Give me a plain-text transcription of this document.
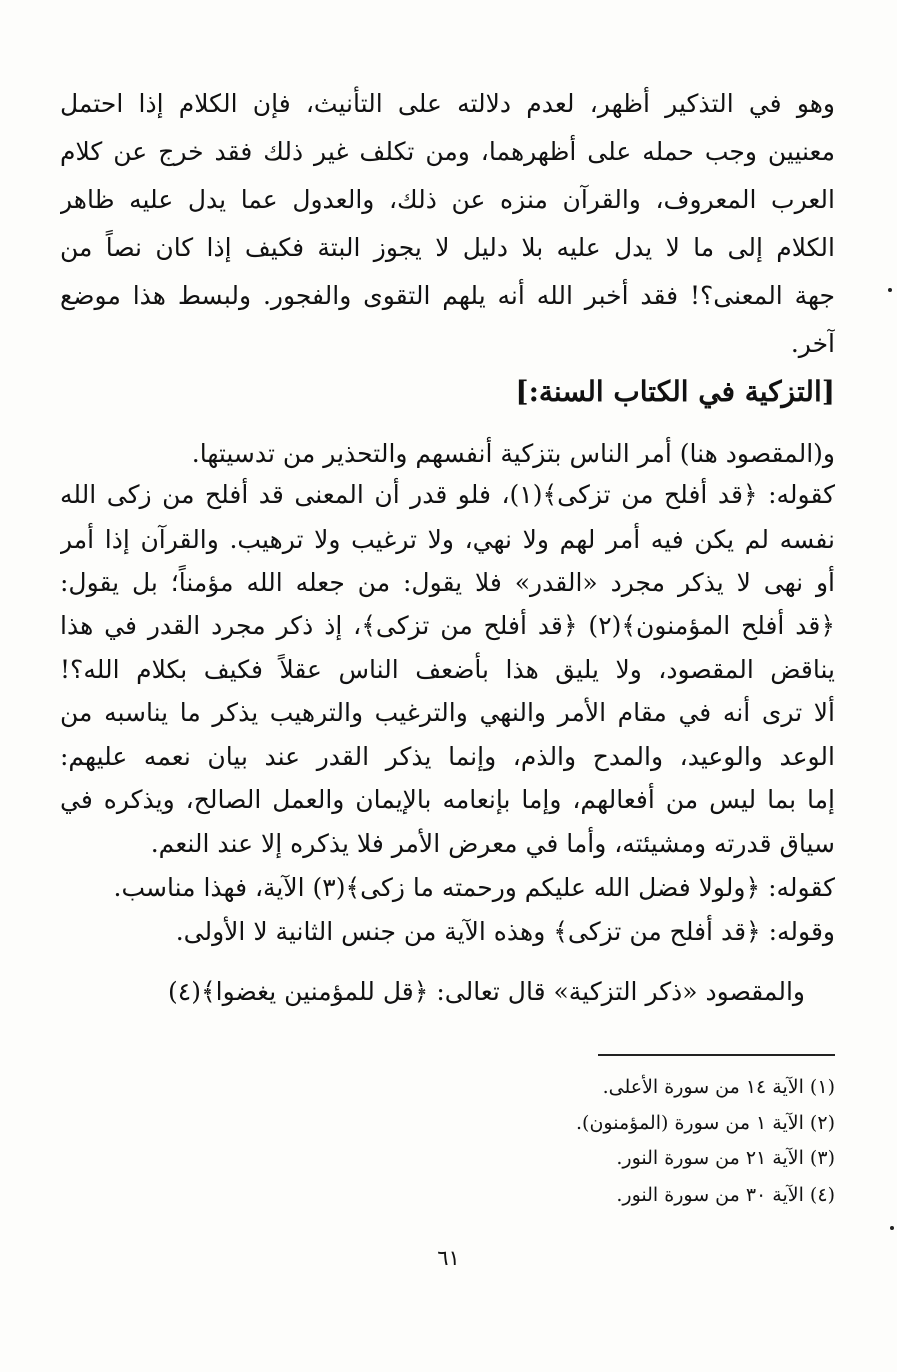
وهو في التذكير أظهر، لعدم دلالته على التأنيث، فإن الكلام إذا احتمل
معنيين وجب حمله على أظهرهما، ومن تكلف غير ذلك فقد خرج عن كلام
العرب المعروف، والقرآن منزه عن ذلك، والعدول عما يدل عليه ظاهر
الكلام إلى ما لا يدل عليه بلا دليل لا يجوز البتة فكيف إذا كان نصاً من
جهة المعنى؟! فقد أخبر الله أنه يلهم التقوى والفجور. ولبسط هذا موضع
آخر.
[التزكية في الكتاب السنة:]
و(المقصود هنا) أمر الناس بتزكية أنفسهم والتحذير من تدسيتها.
كقوله: ﴿قد أفلح من تزكى﴾(١)، فلو قدر أن المعنى قد أفلح من زكى الله
نفسه لم يكن فيه أمر لهم ولا نهي، ولا ترغيب ولا ترهيب. والقرآن إذا أمر
أو نهى لا يذكر مجرد «القدر» فلا يقول: من جعله الله مؤمناً؛ بل يقول:
﴿قد أفلح المؤمنون﴾(٢) ﴿قد أفلح من تزكى﴾، إذ ذكر مجرد القدر في هذا
يناقض المقصود، ولا يليق هذا بأضعف الناس عقلاً فكيف بكلام الله؟!
ألا ترى أنه في مقام الأمر والنهي والترغيب والترهيب يذكر ما يناسبه من
الوعد والوعيد، والمدح والذم، وإنما يذكر القدر عند بيان نعمه عليهم:
إما بما ليس من أفعالهم، وإما بإنعامه بالإيمان والعمل الصالح، ويذكره في
سياق قدرته ومشيئته، وأما في معرض الأمر فلا يذكره إلا عند النعم.
كقوله: ﴿ولولا فضل الله عليكم ورحمته ما زكى﴾(٣) الآية، فهذا مناسب.
وقوله: ﴿قد أفلح من تزكى﴾ وهذه الآية من جنس الثانية لا الأولى.
والمقصود «ذكر التزكية» قال تعالى: ﴿قل للمؤمنين يغضوا﴾(٤)
(١) الآية ١٤ من سورة الأعلى.
(٢) الآية ١ من سورة (المؤمنون).
(٣) الآية ٢١ من سورة النور.
(٤) الآية ٣٠ من سورة النور.
٦١
